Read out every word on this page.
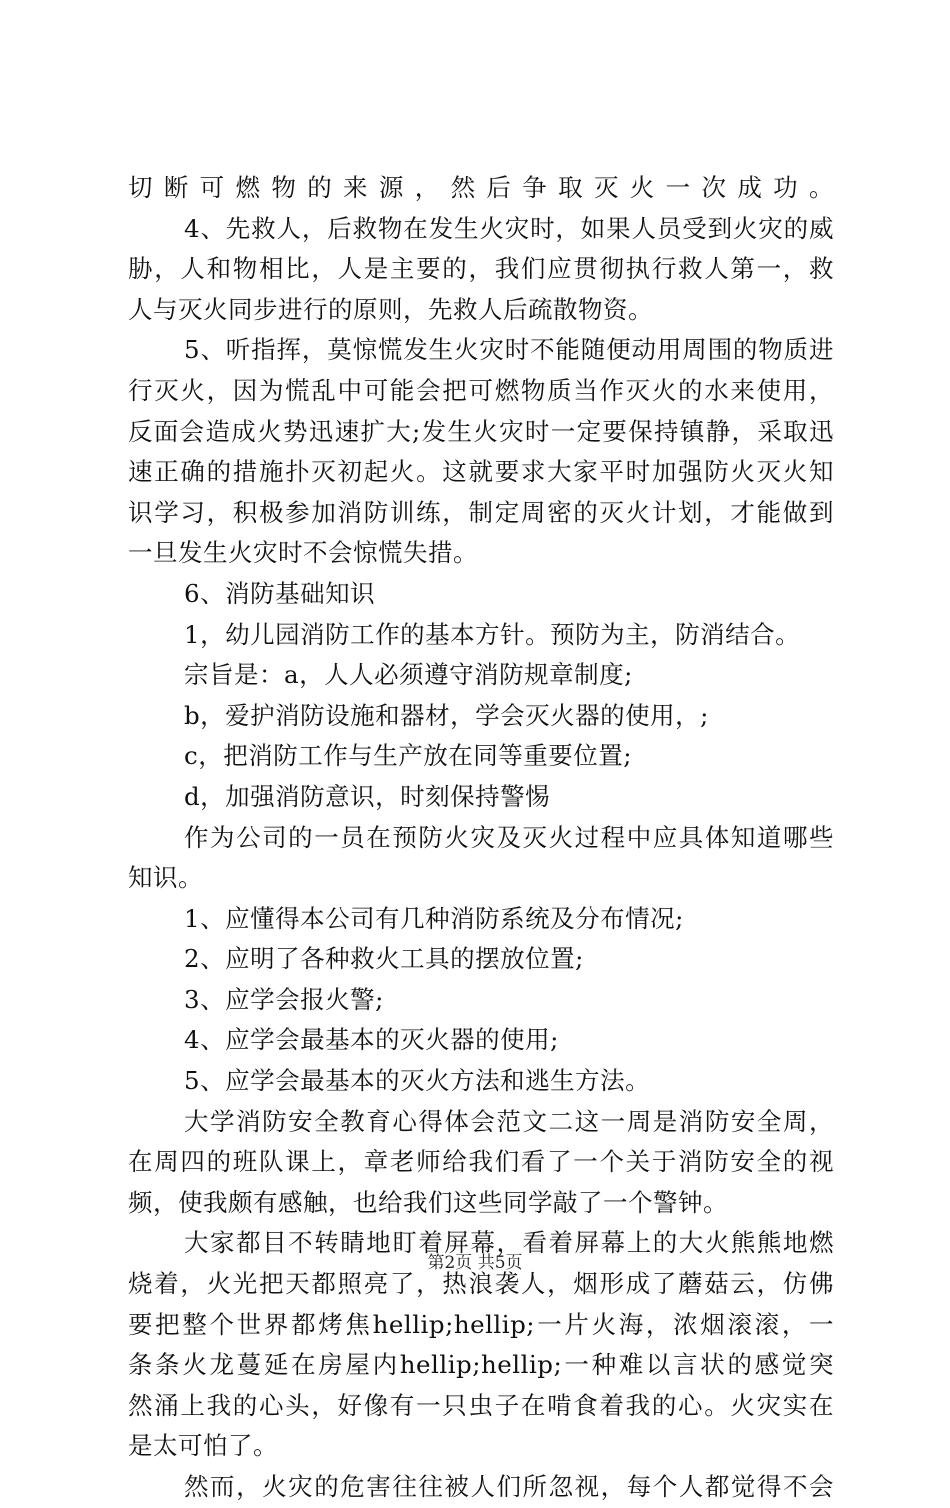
切断可燃物的来源，然后争取灭火一次成功。
4、先救人，后救物在发生火灾时，如果人员受到火灾的威
胁，人和物相比，人是主要的，我们应贯彻执行救人第一，救
人与灭火同步进行的原则，先救人后疏散物资。
5、听指挥，莫惊慌发生火灾时不能随便动用周围的物质进
行灭火，因为慌乱中可能会把可燃物质当作灭火的水来使用，
反面会造成火势迅速扩大;发生火灾时一定要保持镇静，采取迅
速正确的措施扑灭初起火。这就要求大家平时加强防火灭火知
识学习，积极参加消防训练，制定周密的灭火计划，才能做到
一旦发生火灾时不会惊慌失措。
6、消防基础知识
1，幼儿园消防工作的基本方针。预防为主，防消结合。
宗旨是：a，人人必须遵守消防规章制度;
b，爱护消防设施和器材，学会灭火器的使用，;
c，把消防工作与生产放在同等重要位置;
d，加强消防意识，时刻保持警惕
作为公司的一员在预防火灾及灭火过程中应具体知道哪些
知识。
1、应懂得本公司有几种消防系统及分布情况;
2、应明了各种救火工具的摆放位置;
3、应学会报火警;
4、应学会最基本的灭火器的使用;
5、应学会最基本的灭火方法和逃生方法。
大学消防安全教育心得体会范文二这一周是消防安全周，
在周四的班队课上，章老师给我们看了一个关于消防安全的视
频，使我颇有感触，也给我们这些同学敲了一个警钟。
大家都目不转睛地盯着屏幕，看着屏幕上的大火熊熊地燃
烧着，火光把天都照亮了，热浪袭人，烟形成了蘑菇云，仿佛
要把整个世界都烤焦hellip;hellip;一片火海，浓烟滚滚，一
条条火龙蔓延在房屋内hellip;hellip;一种难以言状的感觉突
然涌上我的心头，好像有一只虫子在啃食着我的心。火灾实在
是太可怕了。
然而，火灾的危害往往被人们所忽视，每个人都觉得不会
第2页 共5页
